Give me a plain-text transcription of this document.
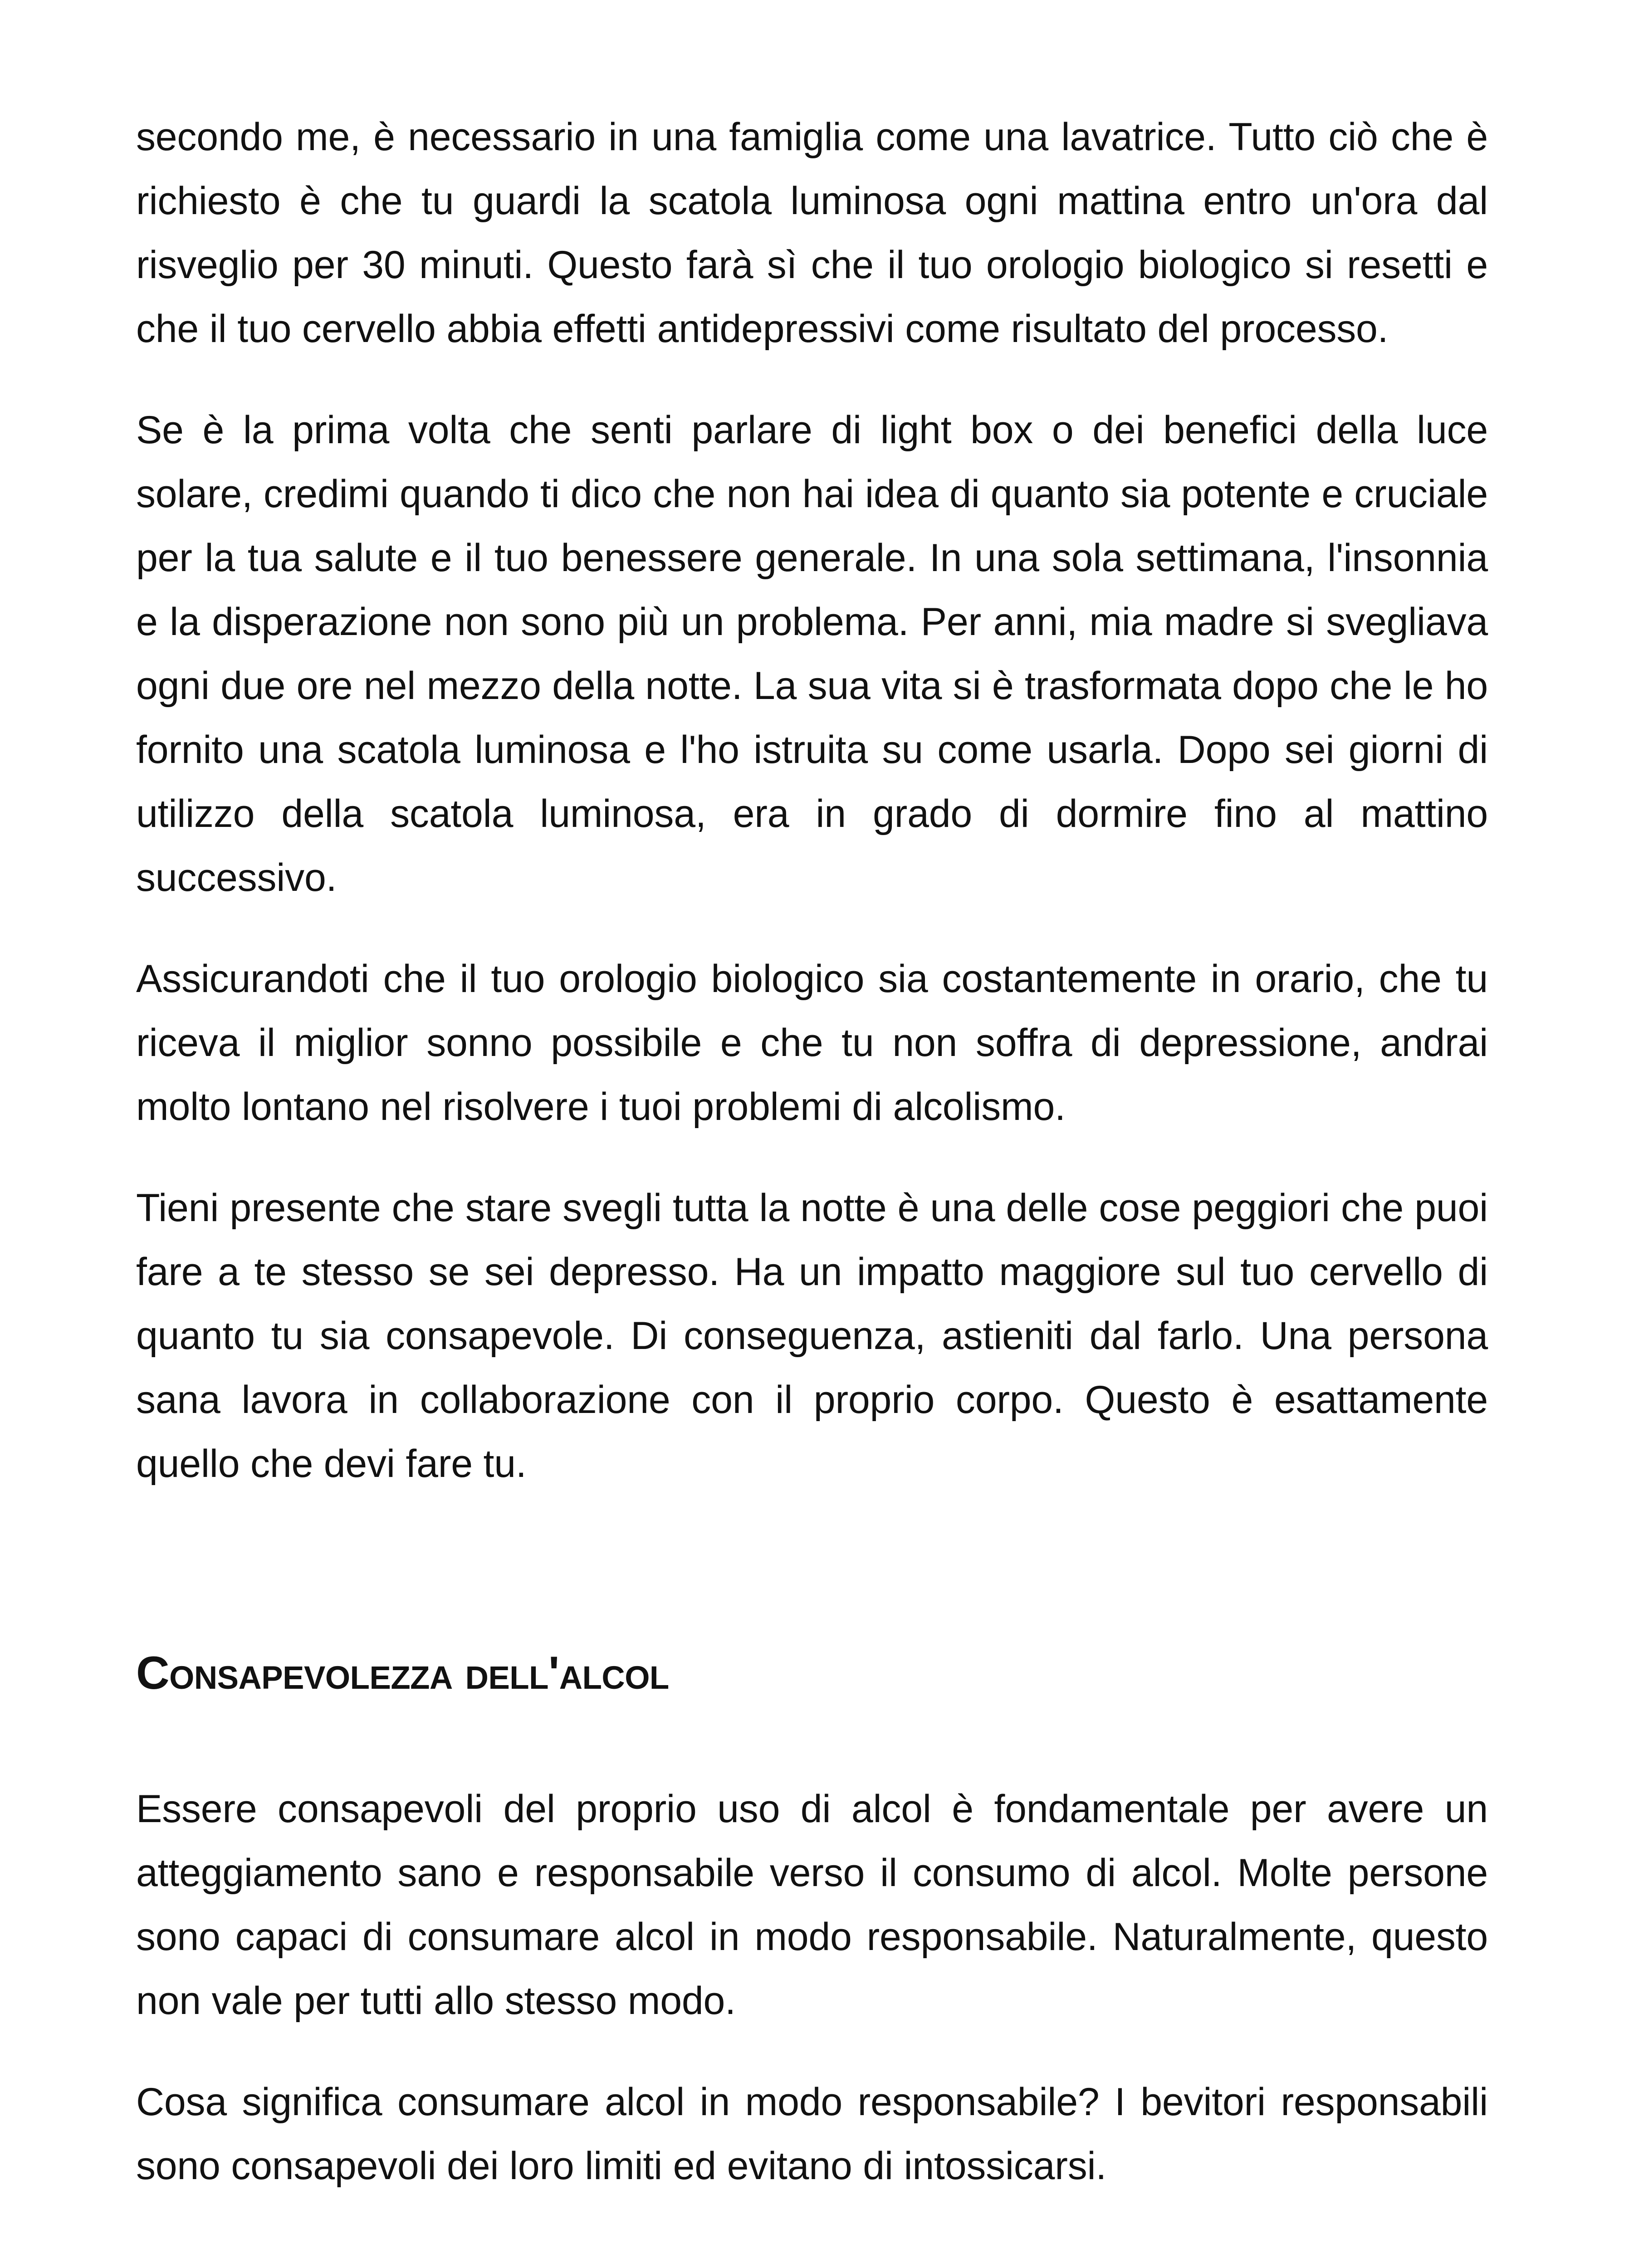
secondo me, è necessario in una famiglia come una lavatrice. Tutto ciò che è richiesto è che tu guardi la scatola luminosa ogni mattina entro un'ora dal risveglio per 30 minuti. Questo farà sì che il tuo orologio biologico si resetti e che il tuo cervello abbia effetti antidepressivi come risultato del processo.

Se è la prima volta che senti parlare di light box o dei benefici della luce solare, credimi quando ti dico che non hai idea di quanto sia potente e cruciale per la tua salute e il tuo benessere generale. In una sola settimana, l'insonnia e la disperazione non sono più un problema. Per anni, mia madre si svegliava ogni due ore nel mezzo della notte. La sua vita si è trasformata dopo che le ho fornito una scatola luminosa e l'ho istruita su come usarla. Dopo sei giorni di utilizzo della scatola luminosa, era in grado di dormire fino al mattino successivo.

Assicurandoti che il tuo orologio biologico sia costantemente in orario, che tu riceva il miglior sonno possibile e che tu non soffra di depressione, andrai molto lontano nel risolvere i tuoi problemi di alcolismo.

Tieni presente che stare svegli tutta la notte è una delle cose peggiori che puoi fare a te stesso se sei depresso. Ha un impatto maggiore sul tuo cervello di quanto tu sia consapevole. Di conseguenza, astieniti dal farlo. Una persona sana lavora in collaborazione con il proprio corpo. Questo è esattamente quello che devi fare tu.

Consapevolezza dell'alcol

Essere consapevoli del proprio uso di alcol è fondamentale per avere un atteggiamento sano e responsabile verso il consumo di alcol. Molte persone sono capaci di consumare alcol in modo responsabile. Naturalmente, questo non vale per tutti allo stesso modo.

Cosa significa consumare alcol in modo responsabile? I bevitori responsabili sono consapevoli dei loro limiti ed evitano di intossicarsi.
